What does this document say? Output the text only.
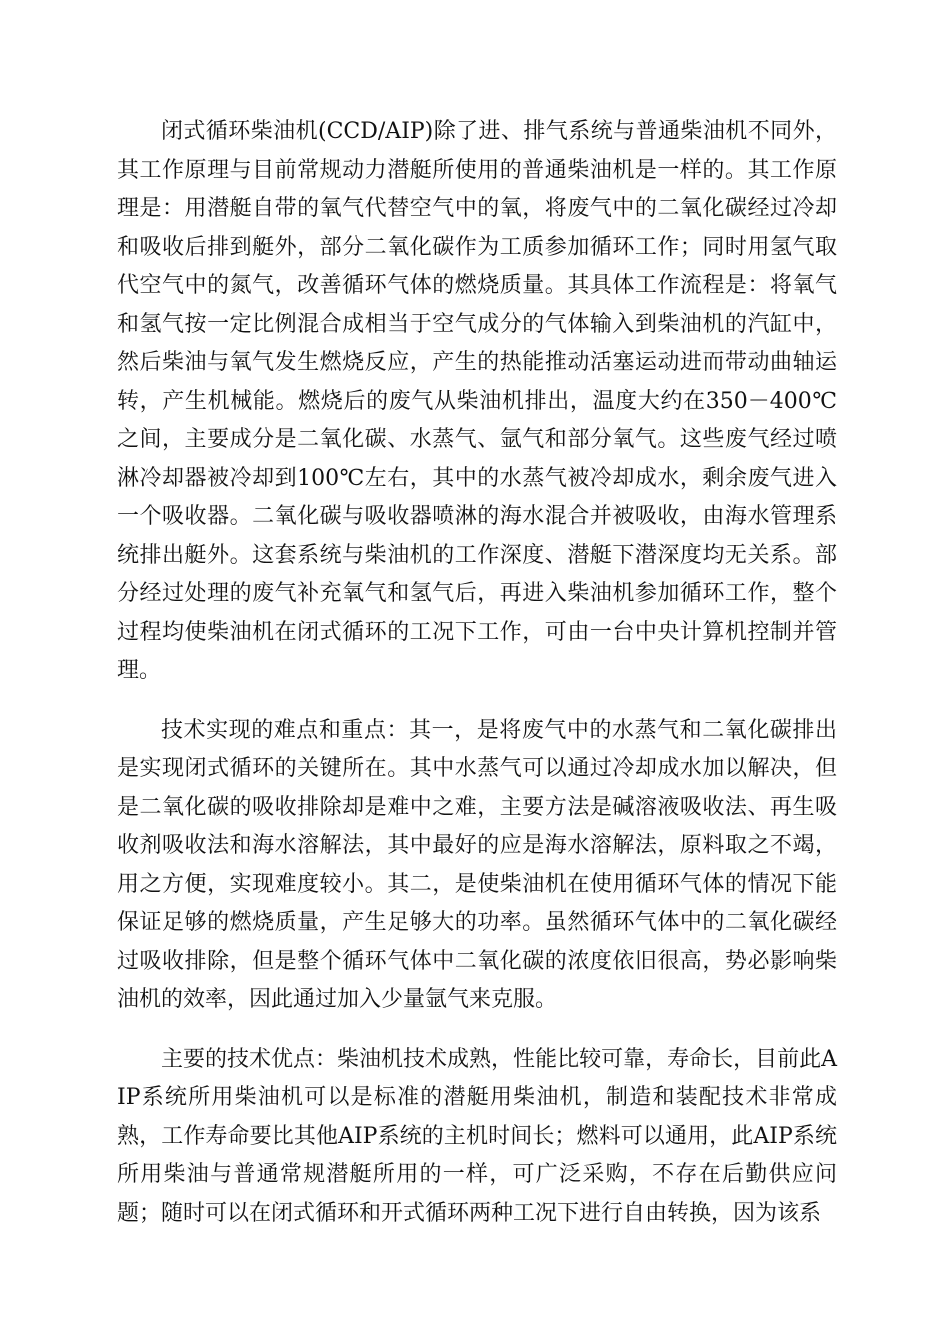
闭式循环柴油机(CCD/AIP)除了进、排气系统与普通柴油机不同外，其工作原理与目前常规动力潜艇所使用的普通柴油机是一样的。其工作原理是：用潜艇自带的氧气代替空气中的氧，将废气中的二氧化碳经过冷却和吸收后排到艇外，部分二氧化碳作为工质参加循环工作；同时用氢气取代空气中的氮气，改善循环气体的燃烧质量。其具体工作流程是：将氧气和氢气按一定比例混合成相当于空气成分的气体输入到柴油机的汽缸中，然后柴油与氧气发生燃烧反应，产生的热能推动活塞运动进而带动曲轴运转，产生机械能。燃烧后的废气从柴油机排出，温度大约在350－400℃之间，主要成分是二氧化碳、水蒸气、氩气和部分氧气。这些废气经过喷淋冷却器被冷却到100℃左右，其中的水蒸气被冷却成水，剩余废气进入一个吸收器。二氧化碳与吸收器喷淋的海水混合并被吸收，由海水管理系统排出艇外。这套系统与柴油机的工作深度、潜艇下潜深度均无关系。部分经过处理的废气补充氧气和氢气后，再进入柴油机参加循环工作，整个过程均使柴油机在闭式循环的工况下工作，可由一台中央计算机控制并管理。

技术实现的难点和重点：其一，是将废气中的水蒸气和二氧化碳排出是实现闭式循环的关键所在。其中水蒸气可以通过冷却成水加以解决，但是二氧化碳的吸收排除却是难中之难，主要方法是碱溶液吸收法、再生吸收剂吸收法和海水溶解法，其中最好的应是海水溶解法，原料取之不竭，用之方便，实现难度较小。其二，是使柴油机在使用循环气体的情况下能保证足够的燃烧质量，产生足够大的功率。虽然循环气体中的二氧化碳经过吸收排除，但是整个循环气体中二氧化碳的浓度依旧很高，势必影响柴油机的效率，因此通过加入少量氩气来克服。

主要的技术优点：柴油机技术成熟，性能比较可靠，寿命长，目前此AIP系统所用柴油机可以是标准的潜艇用柴油机，制造和装配技术非常成熟，工作寿命要比其他AIP系统的主机时间长；燃料可以通用，此AIP系统所用柴油与普通常规潜艇所用的一样，可广泛采购，不存在后勤供应问题；随时可以在闭式循环和开式循环两种工况下进行自由转换，因为该系
